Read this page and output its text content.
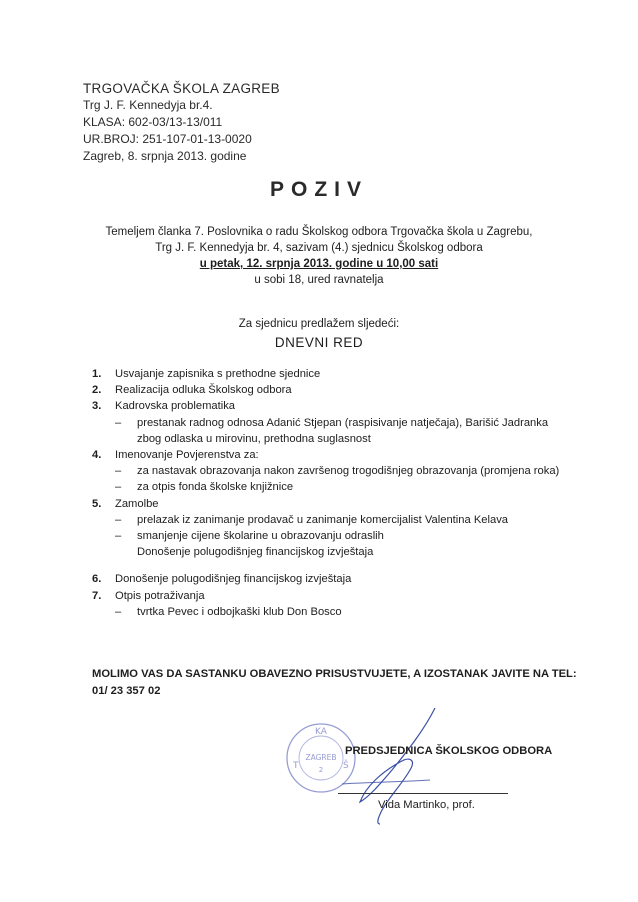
TRGOVAČKA ŠKOLA ZAGREB
Trg J. F. Kennedyja br.4.
KLASA: 602-03/13-13/011
UR.BROJ: 251-107-01-13-0020
Zagreb, 8. srpnja 2013. godine
POZIV
Temeljem članka 7. Poslovnika o radu Školskog odbora Trgovačka škola u Zagrebu,
Trg J. F. Kennedyja br. 4, sazivam (4.) sjednicu Školskog odbora
u petak, 12. srpnja 2013. godine u 10,00 sati
u sobi 18, ured ravnatelja
Za sjednicu predlažem sljedeći:
DNEVNI RED
1.	Usvajanje zapisnika s prethodne sjednice
2.	Realizacija odluka Školskog odbora
3.	Kadrovska problematika
–	prestanak radnog odnosa Adanić Stjepan (raspisivanje natječaja), Barišić Jadranka zbog odlaska u mirovinu, prethodna suglasnost
4.	Imenovanje Povjerenstva za:
–	za nastavak obrazovanja nakon završenog trogodišnjeg obrazovanja (promjena roka)
–	za otpis fonda školske knjižnice
5.	Zamolbe
–	prelazak iz zanimanje prodavač u zanimanje komercijalist Valentina Kelava
–	smanjenje cijene školarine u obrazovanju odraslih
Donošenje polugodišnjeg financijskog izvještaja
6.	Donošenje polugodišnjeg financijskog izvještaja
7.	Otpis potraživanja
–	tvrtka Pevec i odbojkaški klub Don Bosco
MOLIMO VAS DA SASTANKU OBAVEZNO PRISUSTVUJETE, A IZOSTANAK JAVITE NA TEL:
01/ 23 357 02
KA
ZAGREB
2
T	Š
PREDSJEDNICA ŠKOLSKOG ODBORA
Vida Martinko, prof.
